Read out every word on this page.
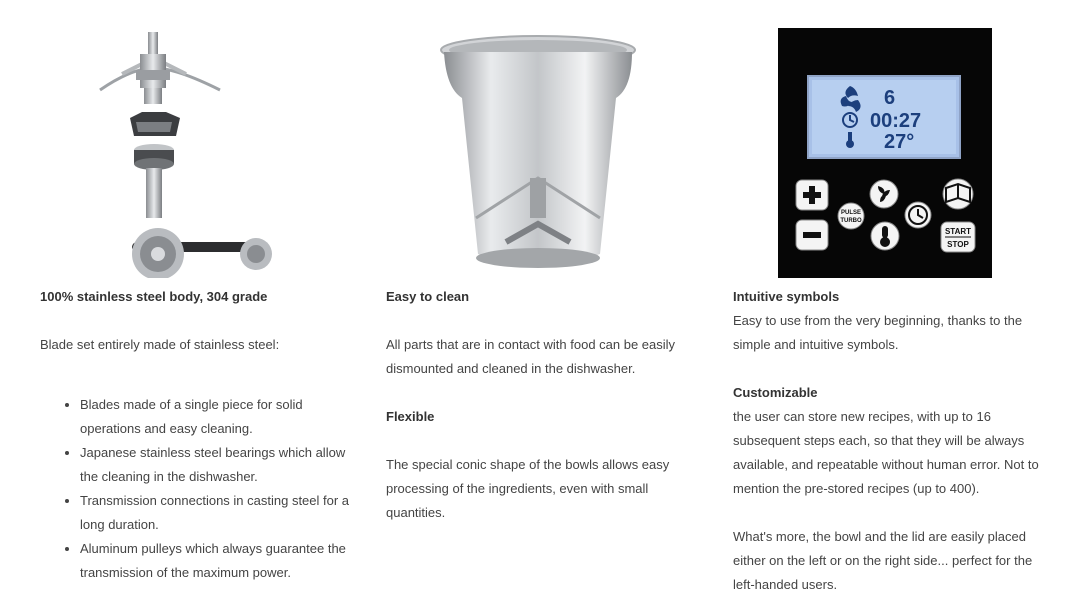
100% stainless steel body, 304 grade

Blade set entirely made of stainless steel:

• Blades made of a single piece for solid operations and easy cleaning.
• Japanese stainless steel bearings which allow the cleaning in the dishwasher.
• Transmission connections in casting steel for a long duration.
• Aluminum pulleys which always guarantee the transmission of the maximum power.
Easy to clean

All parts that are in contact with food can be easily dismounted and cleaned in the dishwasher.

Flexible

The special conic shape of the bowls allows easy processing of the ingredients, even with small quantities.

6
00:27
27°
PULSE
TURBO
START
STOP
Intuitive symbols

Easy to use from the very beginning, thanks to the simple and intuitive symbols.

Customizable

the user can store new recipes, with up to 16 subsequent steps each, so that they will be always available, and repeatable without human error. Not to mention the pre-stored recipes (up to 400).

What's more, the bowl and the lid are easily placed either on the left or on the right side... perfect for the left-handed users.
